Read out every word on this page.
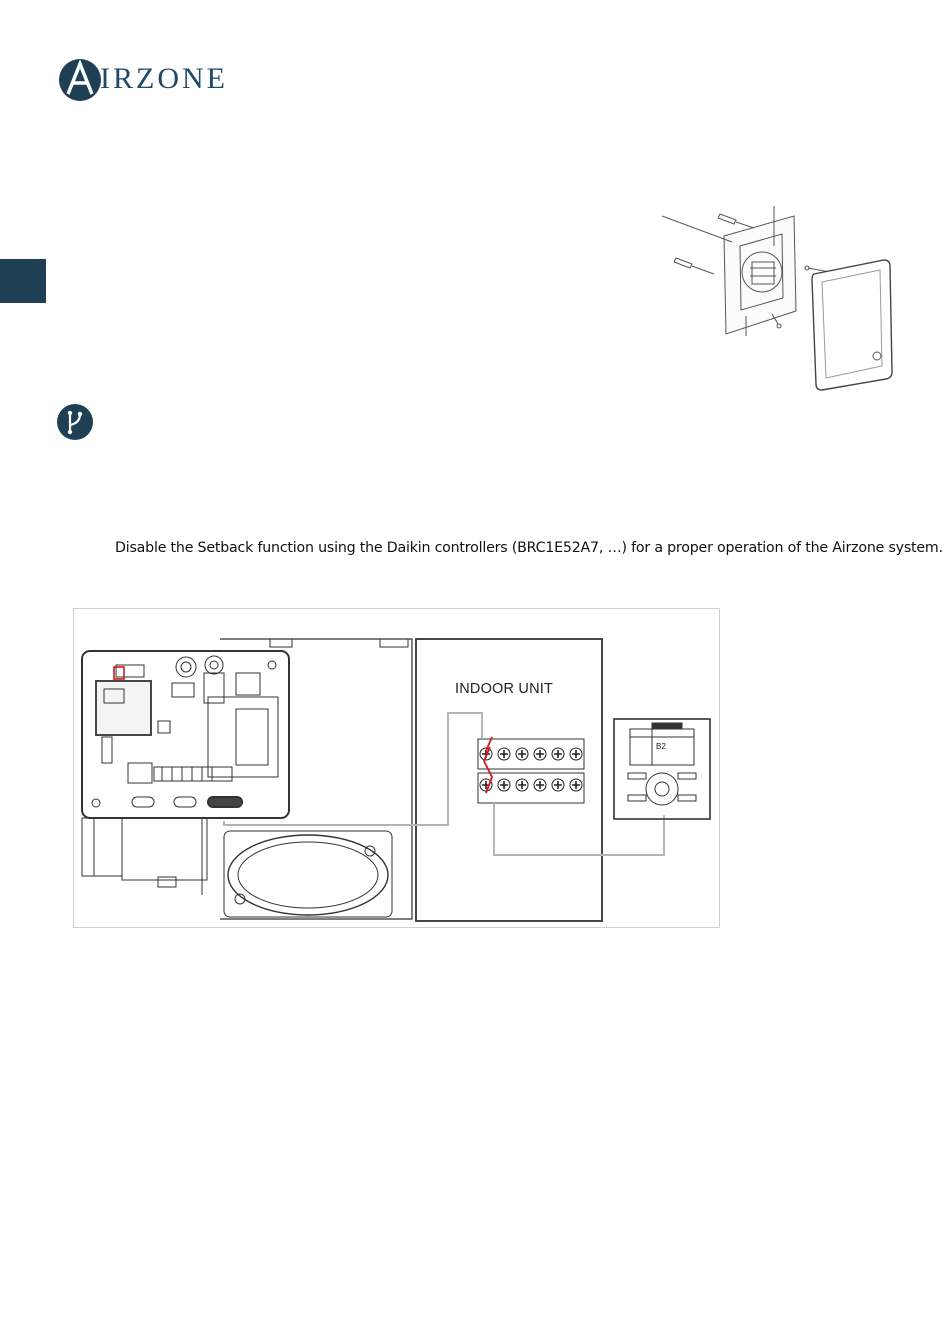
IRZONE
Disable the Setback function using the Daikin controllers (BRC1E52A7, …) for a proper operation of the Airzone system.
INDOOR UNIT
B2
